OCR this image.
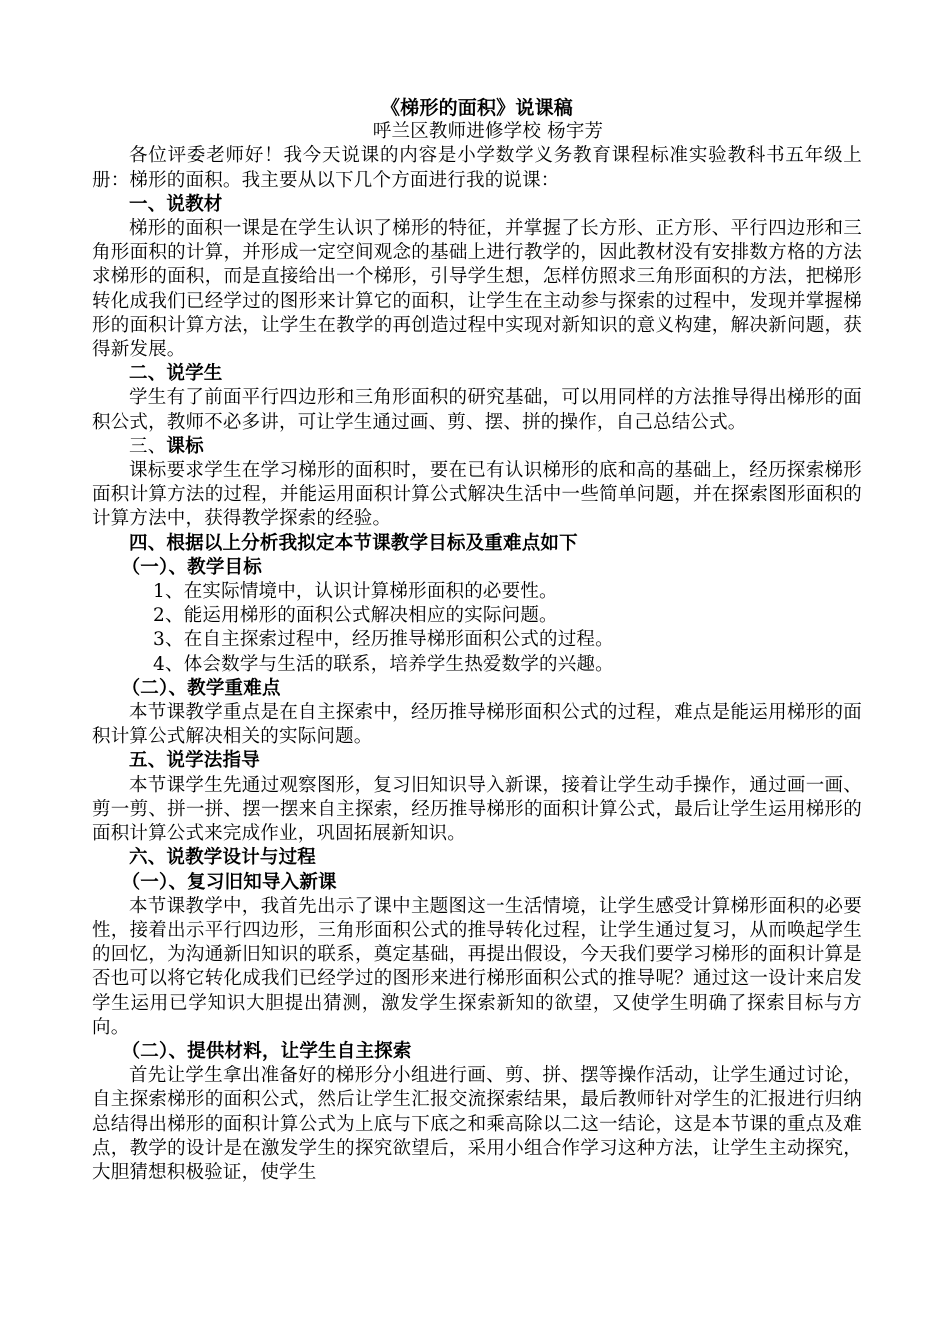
《梯形的面积》说课稿

呼兰区教师进修学校 杨宇芳

各位评委老师好！我今天说课的内容是小学数学义务教育课程标准实验教科书五年级上册：梯形的面积。我主要从以下几个方面进行我的说课：

一、说教材

梯形的面积一课是在学生认识了梯形的特征，并掌握了长方形、正方形、平行四边形和三角形面积的计算，并形成一定空间观念的基础上进行教学的，因此教材没有安排数方格的方法求梯形的面积，而是直接给出一个梯形，引导学生想，怎样仿照求三角形面积的方法，把梯形转化成我们已经学过的图形来计算它的面积，让学生在主动参与探索的过程中，发现并掌握梯形的面积计算方法，让学生在教学的再创造过程中实现对新知识的意义构建，解决新问题，获得新发展。

二、说学生

学生有了前面平行四边形和三角形面积的研究基础，可以用同样的方法推导得出梯形的面积公式，教师不必多讲，可让学生通过画、剪、摆、拼的操作，自己总结公式。

三、课标

课标要求学生在学习梯形的面积时，要在已有认识梯形的底和高的基础上，经历探索梯形面积计算方法的过程，并能运用面积计算公式解决生活中一些简单问题，并在探索图形面积的计算方法中，获得教学探索的经验。

四、根据以上分析我拟定本节课教学目标及重难点如下

（一）、教学目标

1、在实际情境中，认识计算梯形面积的必要性。

2、能运用梯形的面积公式解决相应的实际问题。

3、在自主探索过程中，经历推导梯形面积公式的过程。

4、体会数学与生活的联系，培养学生热爱数学的兴趣。

（二）、教学重难点

本节课教学重点是在自主探索中，经历推导梯形面积公式的过程，难点是能运用梯形的面积计算公式解决相关的实际问题。

五、说学法指导

本节课学生先通过观察图形，复习旧知识导入新课，接着让学生动手操作，通过画一画、剪一剪、拼一拼、摆一摆来自主探索，经历推导梯形的面积计算公式，最后让学生运用梯形的面积计算公式来完成作业，巩固拓展新知识。

六、说教学设计与过程

（一）、复习旧知导入新课

本节课教学中，我首先出示了课中主题图这一生活情境，让学生感受计算梯形面积的必要性，接着出示平行四边形，三角形面积公式的推导转化过程，让学生通过复习，从而唤起学生的回忆，为沟通新旧知识的联系，奠定基础，再提出假设，今天我们要学习梯形的面积计算是否也可以将它转化成我们已经学过的图形来进行梯形面积公式的推导呢？通过这一设计来启发学生运用已学知识大胆提出猜测，激发学生探索新知的欲望，又使学生明确了探索目标与方向。

（二）、提供材料，让学生自主探索

首先让学生拿出准备好的梯形分小组进行画、剪、拼、摆等操作活动，让学生通过讨论，自主探索梯形的面积公式，然后让学生汇报交流探索结果，最后教师针对学生的汇报进行归纳总结得出梯形的面积计算公式为上底与下底之和乘高除以二这一结论，这是本节课的重点及难点，教学的设计是在激发学生的探究欲望后，采用小组合作学习这种方法，让学生主动探究，大胆猜想积极验证，使学生
